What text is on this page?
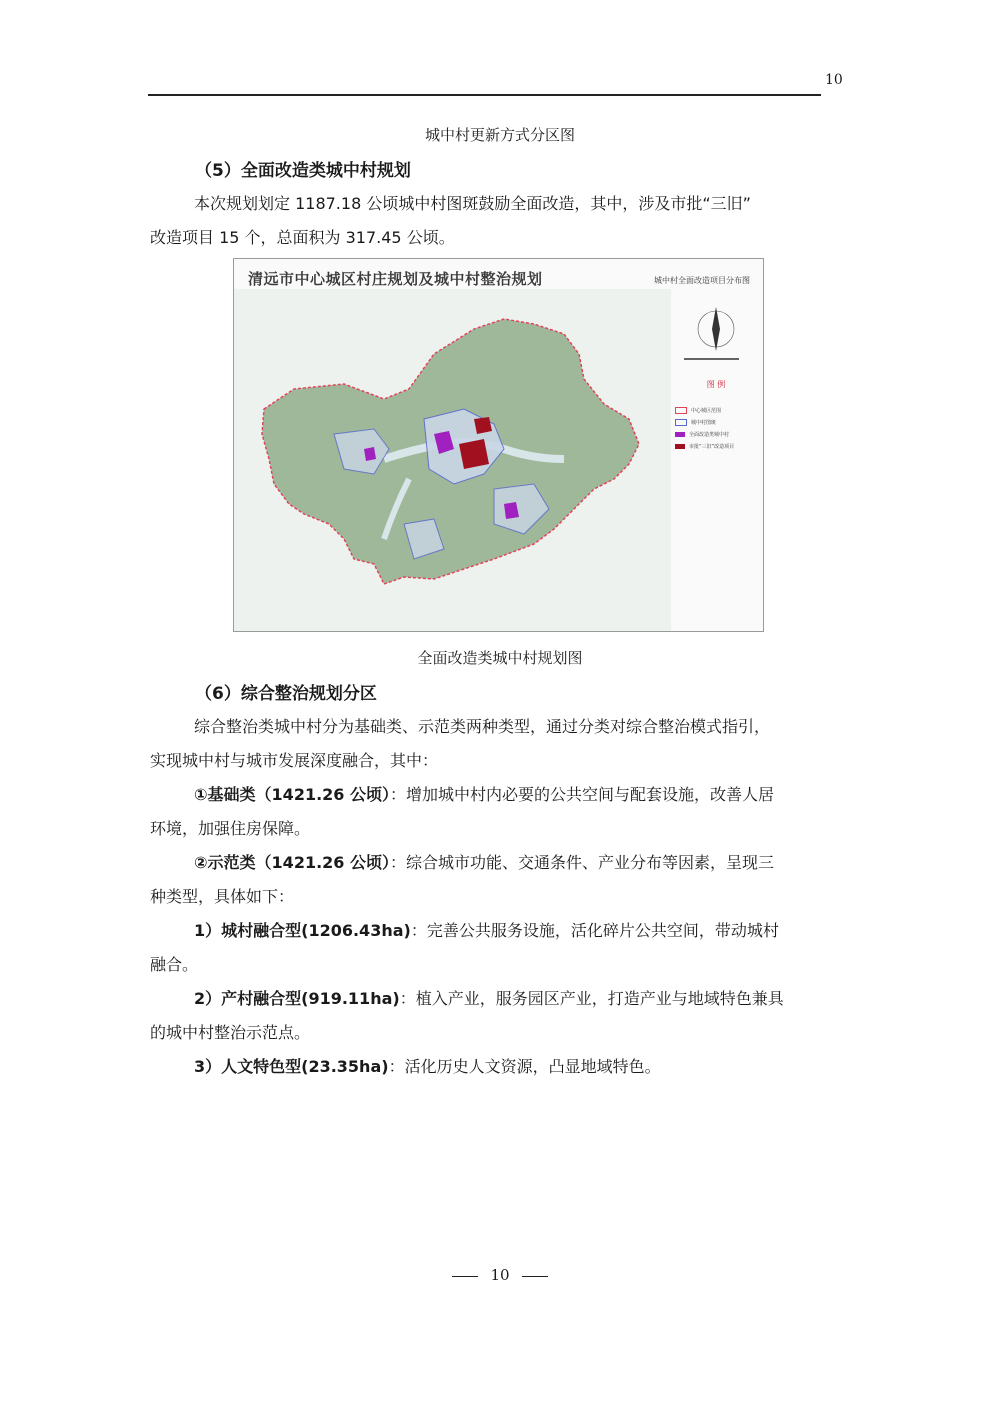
10
城中村更新方式分区图
（5）全面改造类城中村规划
本次规划划定 1187.18 公顷城中村图斑鼓励全面改造，其中，涉及市批“三旧”
改造项目 15 个，总面积为 317.45 公顷。
清远市中心城区村庄规划及城中村整治规划	城中村全面改造项目分布图
图 例
中心城区范围
城中村图斑
全面改造类城中村
市批“三旧”改造项目
全面改造类城中村规划图
（6）综合整治规划分区
综合整治类城中村分为基础类、示范类两种类型，通过分类对综合整治模式指引，
实现城中村与城市发展深度融合，其中：
①基础类（1421.26 公顷）：增加城中村内必要的公共空间与配套设施，改善人居
环境，加强住房保障。
②示范类（1421.26 公顷）：综合城市功能、交通条件、产业分布等因素，呈现三
种类型，具体如下：
1）城村融合型(1206.43ha)：完善公共服务设施，活化碎片公共空间，带动城村
融合。
2）产村融合型(919.11ha)：植入产业，服务园区产业，打造产业与地域特色兼具
的城中村整治示范点。
3）人文特色型(23.35ha)：活化历史人文资源，凸显地域特色。
10
